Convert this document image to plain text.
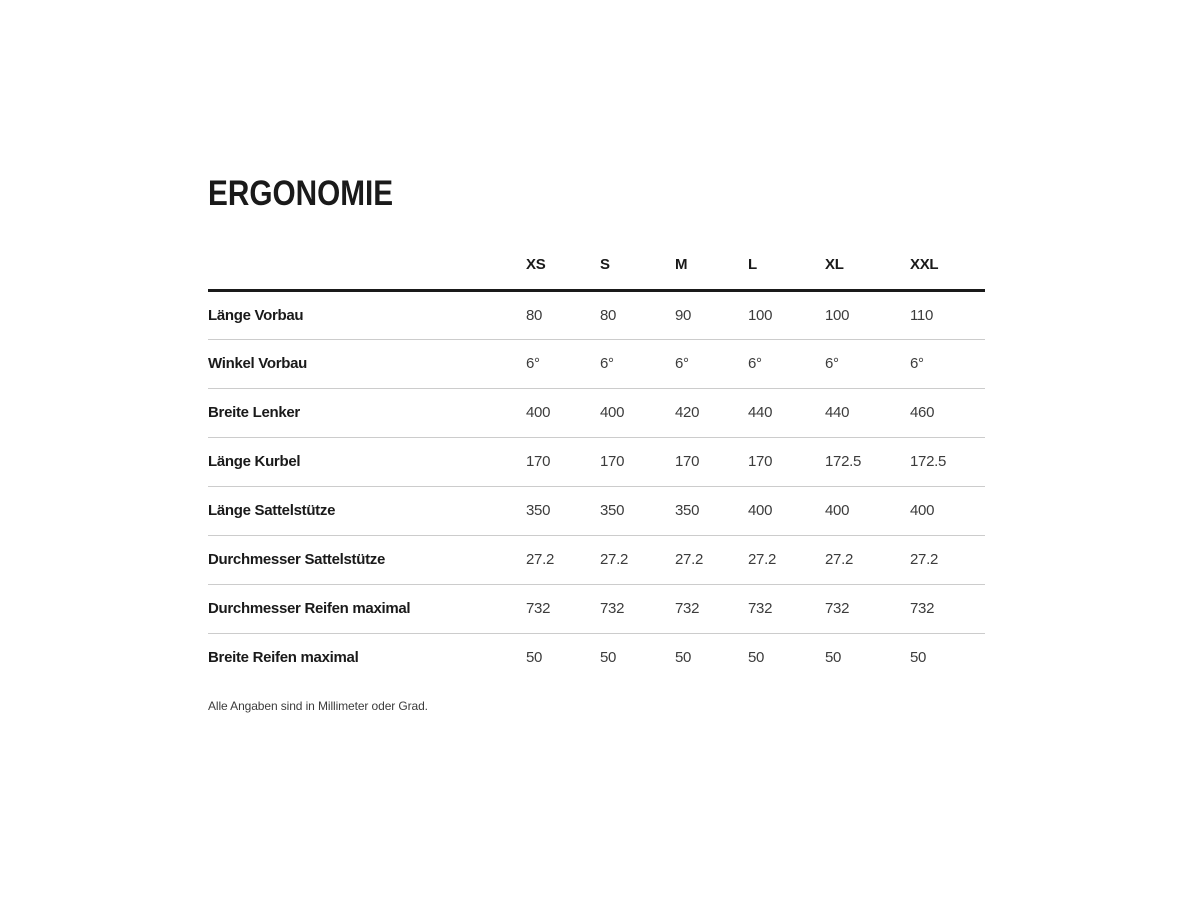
ERGONOMIE
	XS	S	M	L	XL	XXL
Länge Vorbau	80	80	90	100	100	110
Winkel Vorbau	6°	6°	6°	6°	6°	6°
Breite Lenker	400	400	420	440	440	460
Länge Kurbel	170	170	170	170	172.5	172.5
Länge Sattelstütze	350	350	350	400	400	400
Durchmesser Sattelstütze	27.2	27.2	27.2	27.2	27.2	27.2
Durchmesser Reifen maximal	732	732	732	732	732	732
Breite Reifen maximal	50	50	50	50	50	50

Alle Angaben sind in Millimeter oder Grad.
